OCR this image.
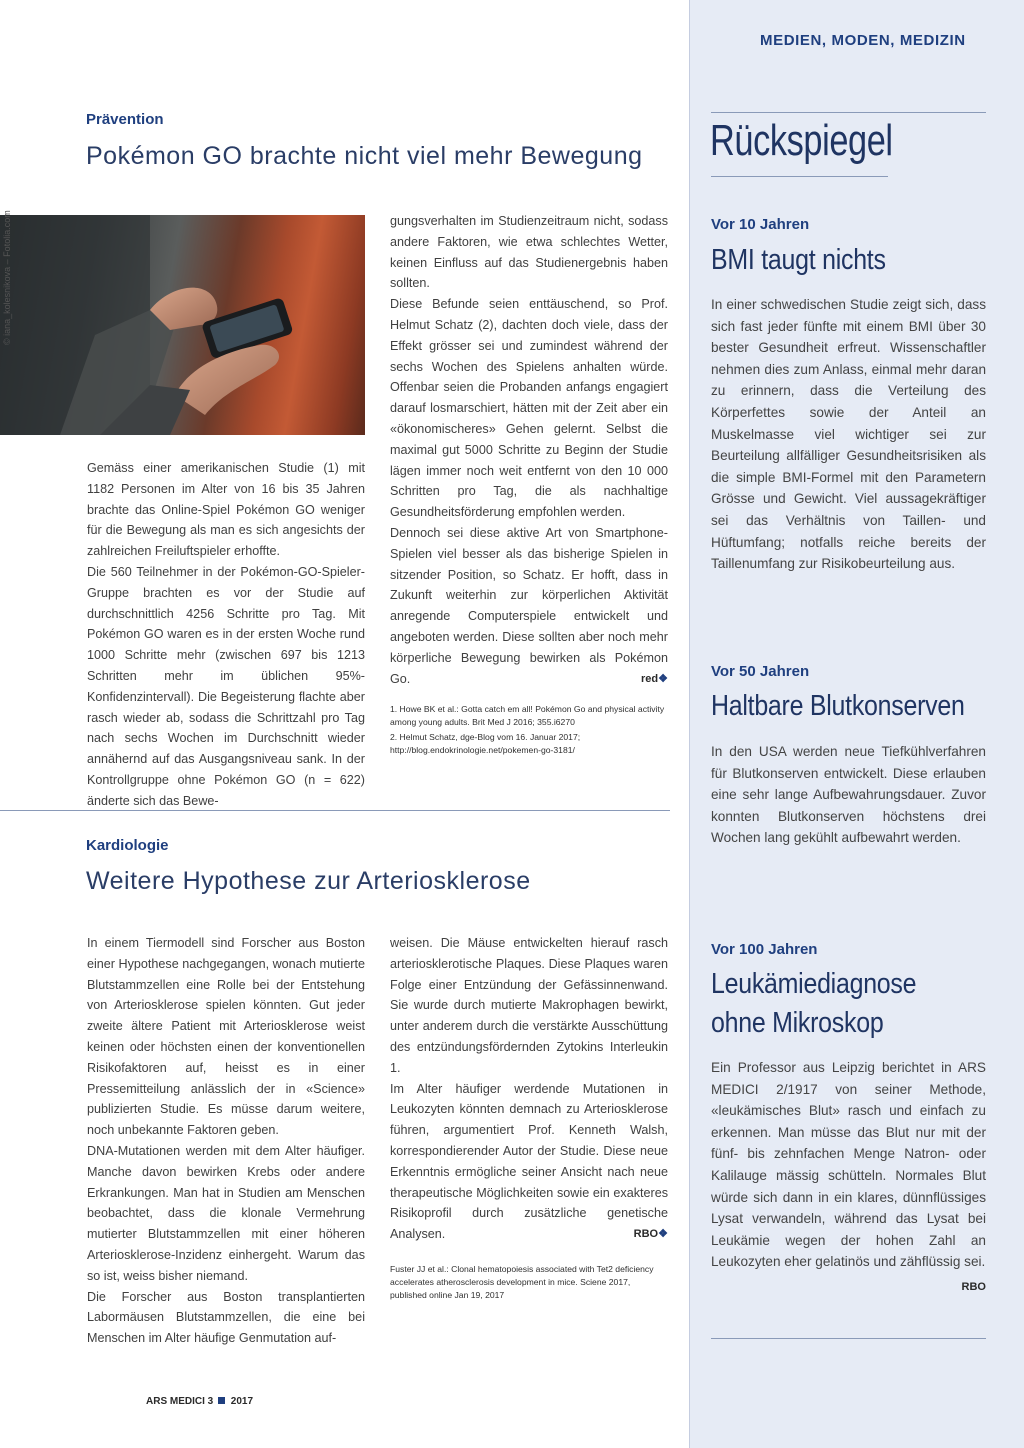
MEDIEN, MODEN, MEDIZIN
Rückspiegel
Vor 10 Jahren
BMI taugt nichts
In einer schwedischen Studie zeigt sich, dass sich fast jeder fünfte mit einem BMI über 30 bester Gesundheit erfreut. Wissenschaftler nehmen dies zum Anlass, einmal mehr daran zu erinnern, dass die Verteilung des Körperfettes sowie der Anteil an Muskelmasse viel wichtiger sei zur Beurteilung allfälliger Gesundheitsrisiken als die simple BMI-Formel mit den Parametern Grösse und Gewicht. Viel aussagekräftiger sei das Verhältnis von Taillen- und Hüftumfang; notfalls reiche bereits der Taillenumfang zur Risikobeurteilung aus.
Vor 50 Jahren
Haltbare Blutkonserven
In den USA werden neue Tiefkühlverfahren für Blutkonserven entwickelt. Diese erlauben eine sehr lange Aufbewahrungsdauer. Zuvor konnten Blutkonserven höchstens drei Wochen lang gekühlt aufbewahrt werden.
Vor 100 Jahren
Leukämiediagnose
ohne Mikroskop
Ein Professor aus Leipzig berichtet in ARS MEDICI 2/1917 von seiner Methode, «leukämisches Blut» rasch und einfach zu erkennen. Man müsse das Blut nur mit der fünf- bis zehnfachen Menge Natron- oder Kalilauge mässig schütteln. Normales Blut würde sich dann in ein klares, dünnflüssiges Lysat verwandeln, während das Lysat bei Leukämie wegen der hohen Zahl an Leukozyten eher gelatinös und zähflüssig sei.
RBO
Prävention
Pokémon GO brachte nicht viel mehr Bewegung
© iana_kolesnikova – Fotolia.com

Gemäss einer amerikanischen Studie (1) mit 1182 Personen im Alter von 16 bis 35 Jahren brachte das Online-Spiel Pokémon GO weniger für die Bewegung als man es sich angesichts der zahlreichen Freiluftspieler erhoffte.

Die 560 Teilnehmer in der Pokémon-GO-Spieler-Gruppe brachten es vor der Studie auf durchschnittlich 4256 Schritte pro Tag. Mit Pokémon GO waren es in der ersten Woche rund 1000 Schritte mehr (zwischen 697 bis 1213 Schritten mehr im üblichen 95%-Konfidenzintervall). Die Begeisterung flachte aber rasch wieder ab, sodass die Schrittzahl pro Tag nach sechs Wochen im Durchschnitt wieder annähernd auf das Ausgangsniveau sank. In der Kontrollgruppe ohne Pokémon GO (n = 622) änderte sich das Bewe-

gungsverhalten im Studienzeitraum nicht, sodass andere Faktoren, wie etwa schlechtes Wetter, keinen Einfluss auf das Studienergebnis haben sollten.

Diese Befunde seien enttäuschend, so Prof. Helmut Schatz (2), dachten doch viele, dass der Effekt grösser sei und zumindest während der sechs Wochen des Spielens anhalten würde. Offenbar seien die Probanden anfangs engagiert darauf losmarschiert, hätten mit der Zeit aber ein «ökonomischeres» Gehen gelernt. Selbst die maximal gut 5000 Schritte zu Beginn der Studie lägen immer noch weit entfernt von den 10 000 Schritten pro Tag, die als nachhaltige Gesundheitsförderung empfohlen werden.

Dennoch sei diese aktive Art von Smartphone-Spielen viel besser als das bisherige Spielen in sitzender Position, so Schatz. Er hofft, dass in Zukunft weiterhin zur körperlichen Aktivität anregende Computerspiele entwickelt und angeboten werden. Diese sollten aber noch mehr körperliche Bewegung bewirken als Pokémon Go.	red❖

1. Howe BK et al.: Gotta catch em all! Pokémon Go and physical activity among young adults. Brit Med J 2016; 355.i6270
2. Helmut Schatz, dge-Blog vom 16. Januar 2017; http://blog.endokrinologie.net/pokemen-go-3181/
Kardiologie
Weitere Hypothese zur Arteriosklerose

In einem Tiermodell sind Forscher aus Boston einer Hypothese nachgegangen, wonach mutierte Blutstammzellen eine Rolle bei der Entstehung von Arteriosklerose spielen könnten. Gut jeder zweite ältere Patient mit Arteriosklerose weist keinen oder höchsten einen der konventionellen Risikofaktoren auf, heisst es in einer Pressemitteilung anlässlich der in «Science» publizierten Studie. Es müsse darum weitere, noch unbekannte Faktoren geben.

DNA-Mutationen werden mit dem Alter häufiger. Manche davon bewirken Krebs oder andere Erkrankungen. Man hat in Studien am Menschen beobachtet, dass die klonale Vermehrung mutierter Blutstammzellen mit einer höheren Arteriosklerose-Inzidenz einhergeht. Warum das so ist, weiss bisher niemand.

Die Forscher aus Boston transplantierten Labormäusen Blutstammzellen, die eine bei Menschen im Alter häufige Genmutation auf-

weisen. Die Mäuse entwickelten hierauf rasch arteriosklerotische Plaques. Diese Plaques waren Folge einer Entzündung der Gefässinnenwand. Sie wurde durch mutierte Makrophagen bewirkt, unter anderem durch die verstärkte Ausschüttung des entzündungsfördernden Zytokins Interleukin 1.

Im Alter häufiger werdende Mutationen in Leukozyten könnten demnach zu Arteriosklerose führen, argumentiert Prof. Kenneth Walsh, korrespondierender Autor der Studie. Diese neue Erkenntnis ermögliche seiner Ansicht nach neue therapeutische Möglichkeiten sowie ein exakteres Risikoprofil durch zusätzliche genetische Analysen.	RBO❖

Fuster JJ et al.: Clonal hematopoiesis associated with Tet2 deficiency accelerates atherosclerosis development in mice. Sciene 2017, published online Jan 19, 2017
ARS MEDICI 3 2017
